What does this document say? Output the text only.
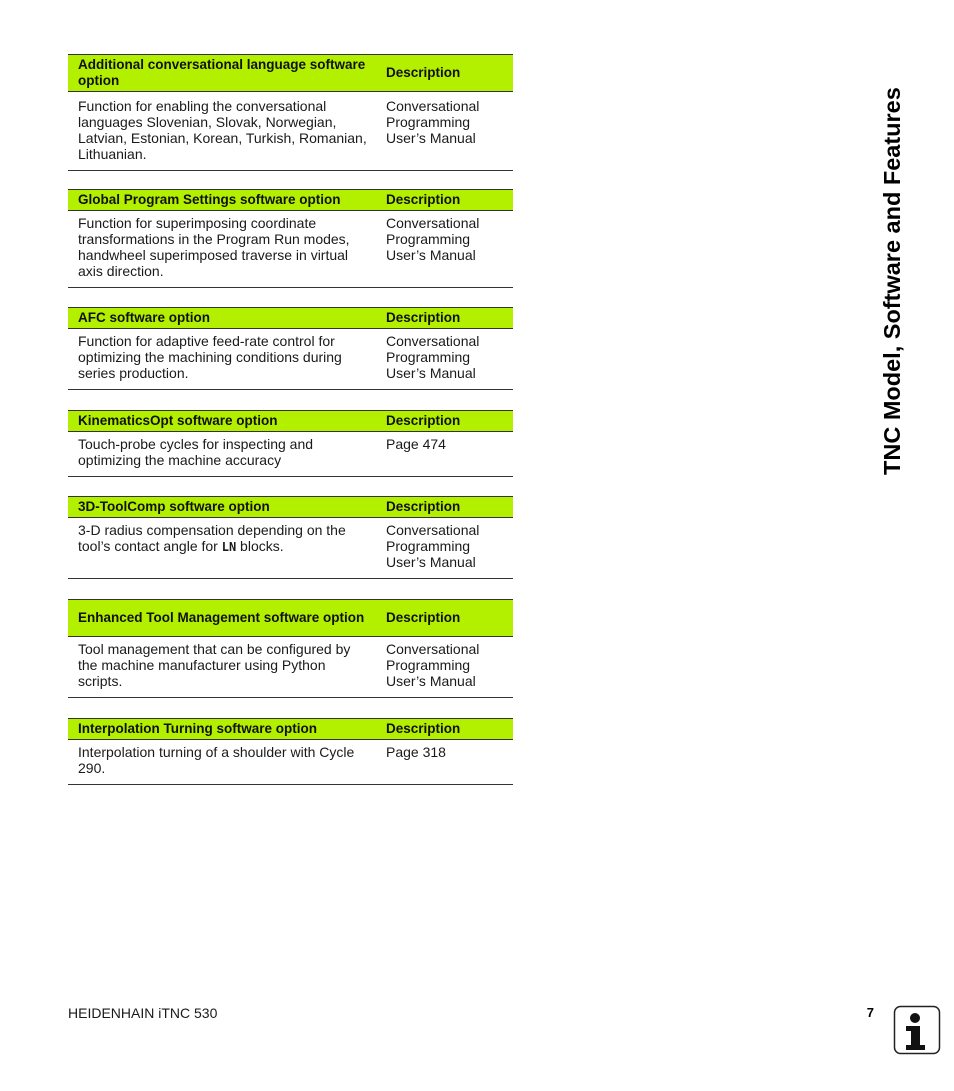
Additional conversational language software option	Description
Function for enabling the conversational languages Slovenian, Slovak, Norwegian, Latvian, Estonian, Korean, Turkish, Romanian, Lithuanian.	Conversational Programming User’s Manual
Global Program Settings software option	Description
Function for superimposing coordinate transformations in the Program Run modes, handwheel superimposed traverse in virtual axis direction.	Conversational Programming User’s Manual
AFC software option	Description
Function for adaptive feed-rate control for optimizing the machining conditions during series production.	Conversational Programming User’s Manual
KinematicsOpt software option	Description
Touch-probe cycles for inspecting and optimizing the machine accuracy	Page 474
3D-ToolComp software option	Description
3-D radius compensation depending on the tool’s contact angle for LN blocks.	Conversational Programming User’s Manual
Enhanced Tool Management software option	Description
Tool management that can be configured by the machine manufacturer using Python scripts.	Conversational Programming User’s Manual
Interpolation Turning software option	Description
Interpolation turning of a shoulder with Cycle 290.	Page 318
TNC Model, Software and Features
HEIDENHAIN iTNC 530	7
